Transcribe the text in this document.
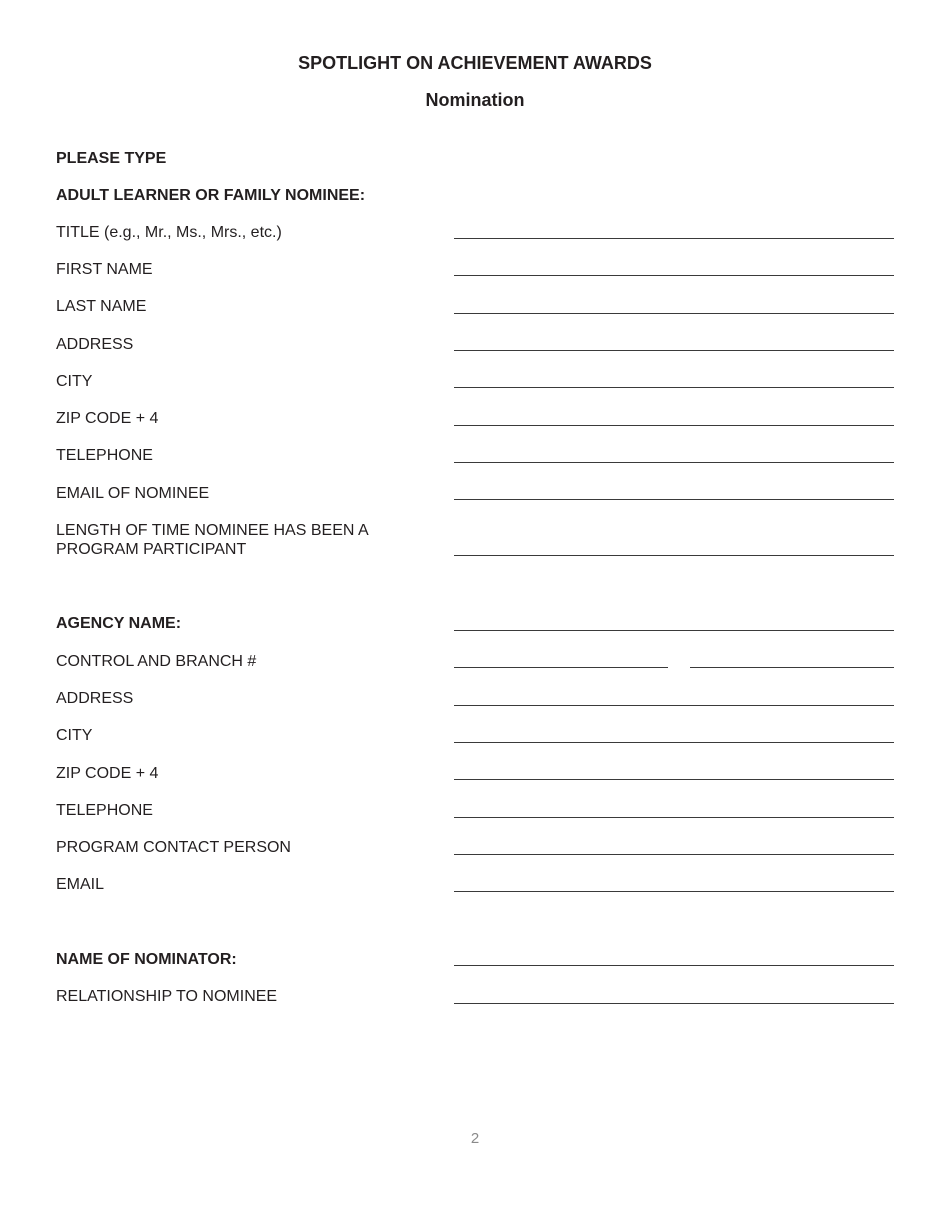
SPOTLIGHT ON ACHIEVEMENT AWARDS
Nomination
PLEASE TYPE
ADULT LEARNER OR FAMILY NOMINEE:
TITLE (e.g., Mr., Ms., Mrs., etc.)
FIRST NAME
LAST NAME
ADDRESS
CITY
ZIP CODE + 4
TELEPHONE
EMAIL OF NOMINEE
LENGTH OF TIME NOMINEE HAS BEEN A
PROGRAM PARTICIPANT
AGENCY NAME:
CONTROL AND BRANCH #
ADDRESS
CITY
ZIP CODE + 4
TELEPHONE
PROGRAM CONTACT PERSON
EMAIL
NAME OF NOMINATOR:
RELATIONSHIP TO NOMINEE
2
